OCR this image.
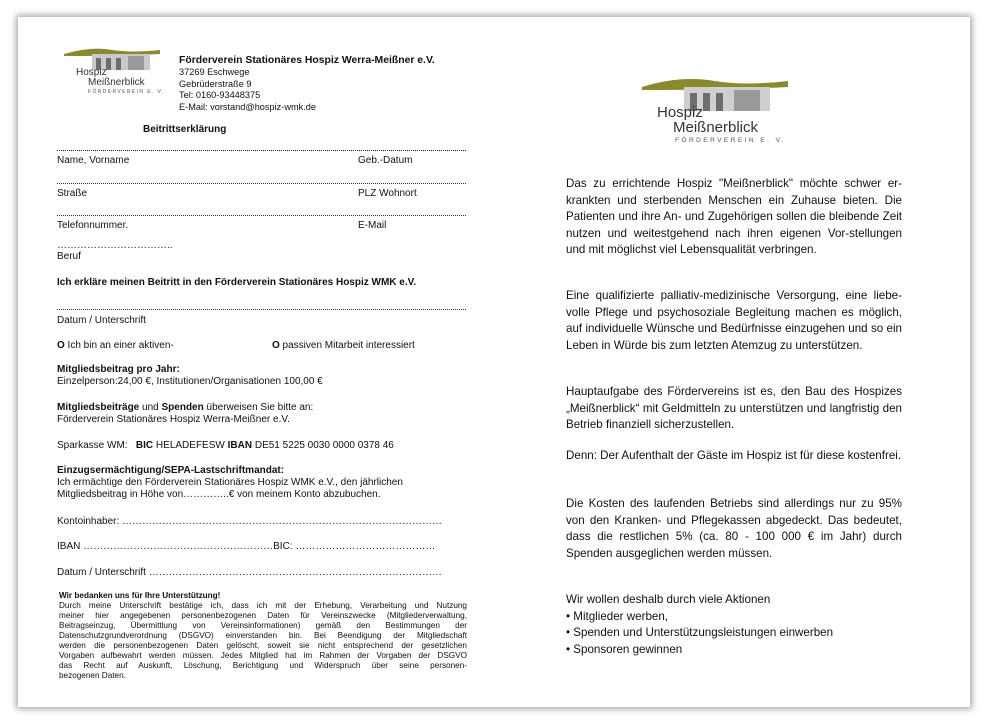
Hospiz
Meißnerblick
FÖRDERVEREIN E. V.
Förderverein Stationäres Hospiz Werra-Meißner e.V.
37269 Eschwege
Gebrüderstraße 9
Tel: 0160-93448375
E-Mail: vorstand@hospiz-wmk.de
Beitrittserklärung
Name, Vorname	Geb.-Datum
Straße	PLZ Wohnort
Telefonnummer.	E-Mail
……………………………..
Beruf
Ich erkläre meinen Beitritt in den Förderverein Stationäres Hospiz WMK e.V.
Datum / Unterschrift
O Ich bin an einer aktiven-	O passiven Mitarbeit interessiert
Mitgliedsbeitrag pro Jahr:
Einzelperson:24,00 €, Institutionen/Organisationen 100,00 €
Mitgliedsbeiträge und Spenden überweisen Sie bitte an:
Förderverein Stationäres Hospiz Werra-Meißner e.V.
Sparkasse WM: BIC HELADEFESW IBAN DE51 5225 0030 0000 0378 46
Einzugsermächtigung/SEPA-Lastschriftmandat:
Ich ermächtige den Förderverein Stationäres Hospiz WMK e.V., den jährlichen
Mitgliedsbeitrag in Höhe von…………..€ von meinem Konto abzubuchen.
Kontoinhaber: ……………………………………………………………………………………
IBAN …………………………………………………BIC: ……………………………………
Datum / Unterschrift …………………………………………………………………………….
Wir bedanken uns für Ihre Unterstützung!
Durch meine Unterschrift bestätige ich, dass ich mit der Erhebung, Verarbeitung und Nutzung
meiner hier angegebenen personenbezogenen Daten für Vereinszwecke (Mitgliederverwaltung,
Beitragseinzug, Übermittlung von Vereinsinformationen) gemäß den Bestimmungen der
Datenschutzgrundverordnung (DSGVO) einverstanden bin. Bei Beendigung der Mitgliedschaft
werden die personenbezogenen Daten gelöscht, soweit sie nicht entsprechend der gesetzlichen
Vorgaben aufbewahrt werden müssen. Jedes Mitglied hat im Rahmen der Vorgaben der DSGVO
das Recht auf Auskunft, Löschung, Berichtigung und Widerspruch über seine personen-
bezogenen Daten.
Hospiz
Meißnerblick
FÖRDERVEREIN E. V.
Das zu errichtende Hospiz "Meißnerblick" möchte schwer er-krankten und sterbenden Menschen ein Zuhause bieten. Die Patienten und ihre An- und Zugehörigen sollen die bleibende Zeit nutzen und weitestgehend nach ihren eigenen Vor-stellungen und mit möglichst viel Lebensqualität verbringen.
Eine qualifizierte palliativ-medizinische Versorgung, eine liebe-volle Pflege und psychosoziale Begleitung machen es möglich, auf individuelle Wünsche und Bedürfnisse einzugehen und so ein Leben in Würde bis zum letzten Atemzug zu unterstützen.
Hauptaufgabe des Fördervereins ist es, den Bau des Hospizes „Meißnerblick“ mit Geldmitteln zu unterstützen und langfristig den Betrieb finanziell sicherzustellen.
Denn: Der Aufenthalt der Gäste im Hospiz ist für diese kostenfrei.
Die Kosten des laufenden Betriebs sind allerdings nur zu 95% von den Kranken- und Pflegekassen abgedeckt. Das bedeutet, dass die restlichen 5% (ca. 80 - 100 000 € im Jahr) durch Spenden ausgeglichen werden müssen.
Wir wollen deshalb durch viele Aktionen
• Mitglieder werben,
• Spenden und Unterstützungsleistungen einwerben
• Sponsoren gewinnen
